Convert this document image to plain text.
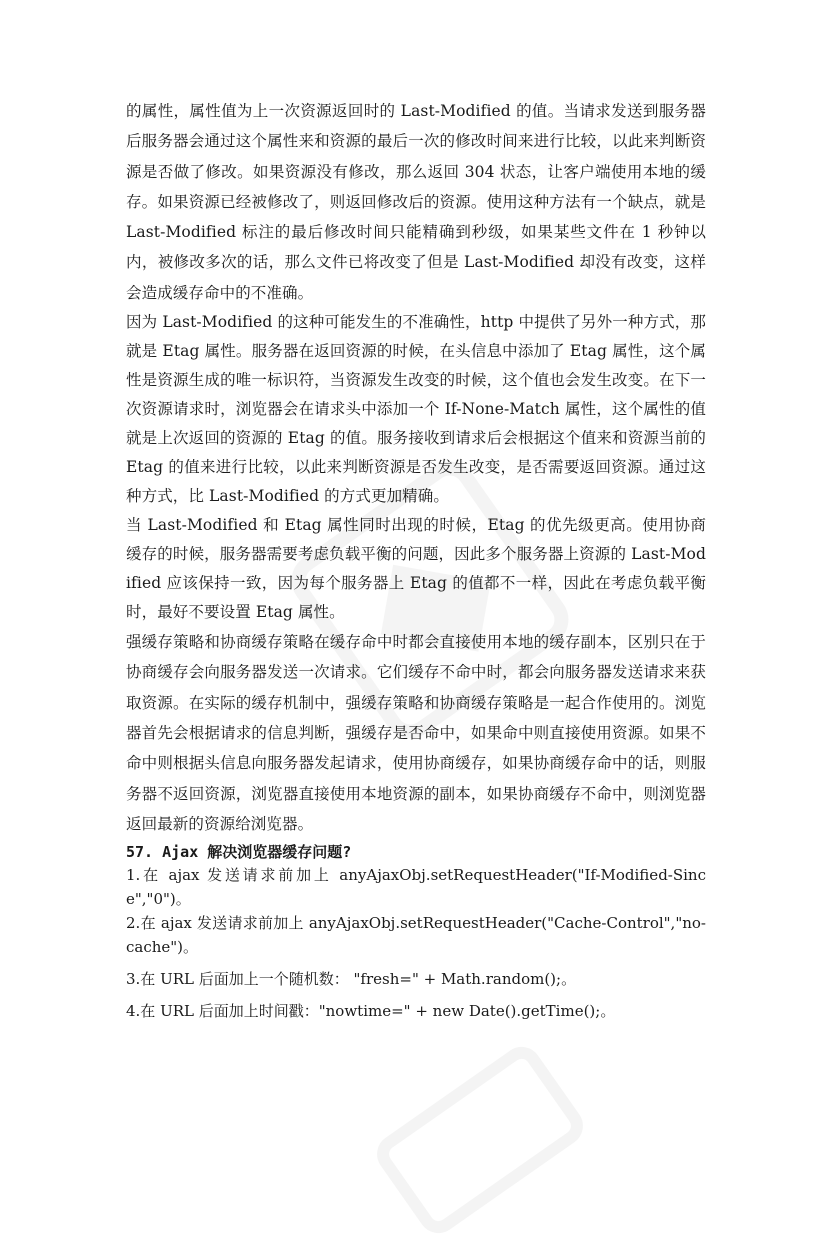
的属性，属性值为上一次资源返回时的 Last-Modified 的值。当请求发送到服务器后服务器会通过这个属性来和资源的最后一次的修改时间来进行比较，以此来判断资源是否做了修改。如果资源没有修改，那么返回 304 状态，让客户端使用本地的缓存。如果资源已经被修改了，则返回修改后的资源。使用这种方法有一个缺点，就是 Last-Modified 标注的最后修改时间只能精确到秒级，如果某些文件在 1 秒钟以内，被修改多次的话，那么文件已将改变了但是 Last-Modified 却没有改变，这样会造成缓存命中的不准确。

因为 Last-Modified 的这种可能发生的不准确性，http 中提供了另外一种方式，那就是 Etag 属性。服务器在返回资源的时候，在头信息中添加了 Etag 属性，这个属性是资源生成的唯一标识符，当资源发生改变的时候，这个值也会发生改变。在下一次资源请求时，浏览器会在请求头中添加一个 If-None-Match 属性，这个属性的值就是上次返回的资源的 Etag 的值。服务接收到请求后会根据这个值来和资源当前的 Etag 的值来进行比较，以此来判断资源是否发生改变，是否需要返回资源。通过这种方式，比 Last-Modified 的方式更加精确。

当 Last-Modified 和 Etag 属性同时出现的时候，Etag 的优先级更高。使用协商缓存的时候，服务器需要考虑负载平衡的问题，因此多个服务器上资源的 Last-Modified 应该保持一致，因为每个服务器上 Etag 的值都不一样，因此在考虑负载平衡时，最好不要设置 Etag 属性。

强缓存策略和协商缓存策略在缓存命中时都会直接使用本地的缓存副本，区别只在于协商缓存会向服务器发送一次请求。它们缓存不命中时，都会向服务器发送请求来获取资源。在实际的缓存机制中，强缓存策略和协商缓存策略是一起合作使用的。浏览器首先会根据请求的信息判断，强缓存是否命中，如果命中则直接使用资源。如果不命中则根据头信息向服务器发起请求，使用协商缓存，如果协商缓存命中的话，则服务器不返回资源，浏览器直接使用本地资源的副本，如果协商缓存不命中，则浏览器返回最新的资源给浏览器。

57. Ajax 解决浏览器缓存问题?

1.在 ajax 发送请求前加上 anyAjaxObj.setRequestHeader("If-Modified-Since","0")。

2.在 ajax 发送请求前加上 anyAjaxObj.setRequestHeader("Cache-Control","no-cache")。

3.在 URL 后面加上一个随机数： "fresh=" + Math.random();。

4.在 URL 后面加上时间戳："nowtime=" + new Date().getTime();。
